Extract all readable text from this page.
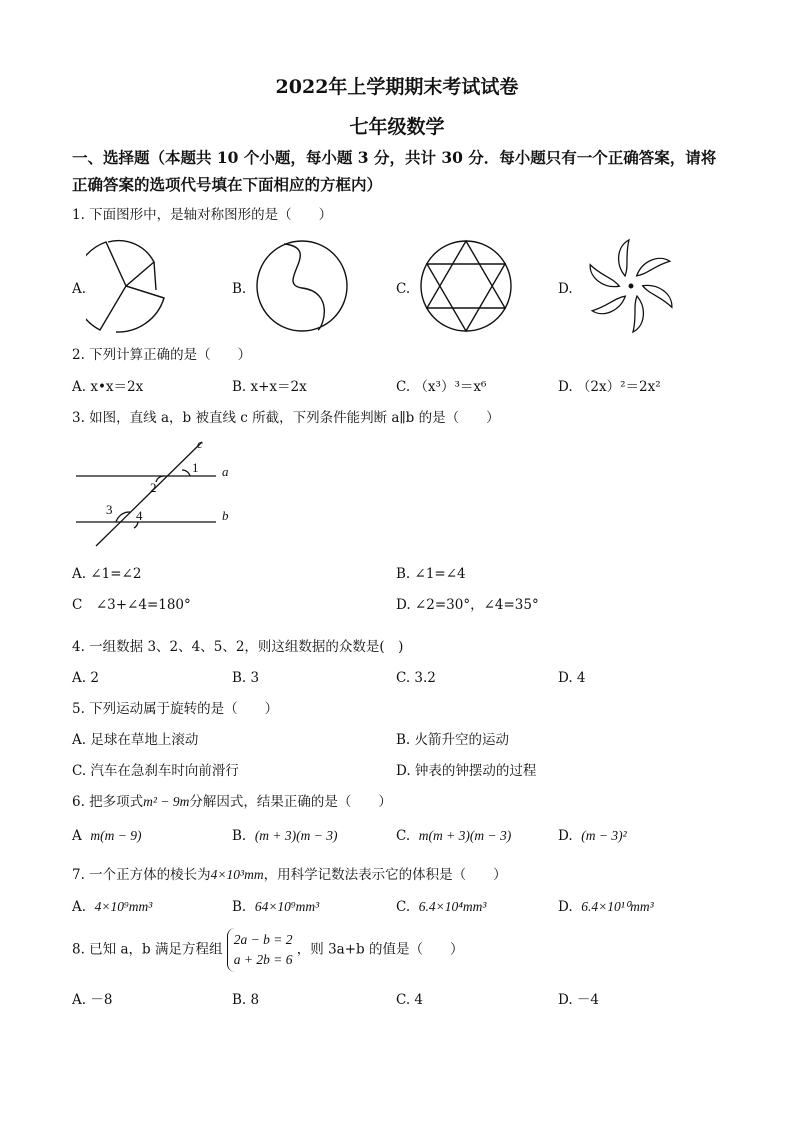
2022年上学期期末考试试卷
七年级数学
一、选择题（本题共 10 个小题，每小题 3 分，共计 30 分．每小题只有一个正确答案，请将
正确答案的选项代号填在下面相应的方框内）
1. 下面图形中，是轴对称图形的是（　　）
A.	B.	C.	D.
2. 下列计算正确的是（　　）
A. x•x＝2x	B. x+x＝2x	C. （x³）³＝x⁶	D. （2x）²＝2x²
3. 如图，直线 a，b 被直线 c 所截，下列条件能判断 a∥b 的是（　　）
c
a
b
1
2
3 4
A. ∠1=∠2	B. ∠1=∠4
C　∠3+∠4=180°	D. ∠2=30°，∠4=35°
4. 一组数据 3、2、4、5、2，则这组数据的众数是(　)
A. 2	B. 3	C. 3.2	D. 4
5. 下列运动属于旋转的是（　　）
A. 足球在草地上滚动	B. 火箭升空的运动
C. 汽车在急刹车时向前滑行	D. 钟表的钟摆动的过程
6. 把多项式m² − 9m分解因式，结果正确的是（　　）
A m(m − 9)	B. (m + 3)(m − 3)	C. m(m + 3)(m − 3)	D. (m − 3)²
7. 一个正方体的棱长为4×10³mm，用科学记数法表示它的体积是（　　）
A. 4×10⁹mm³	B. 64×10⁹mm³	C. 6.4×10⁴mm³	D. 6.4×10¹⁰mm³
8. 已知 a，b 满足方程组
2a − b = 2
a + 2b = 6
，则 3a+b 的值是（　　）
A. －8	B. 8	C. 4	D. －4
